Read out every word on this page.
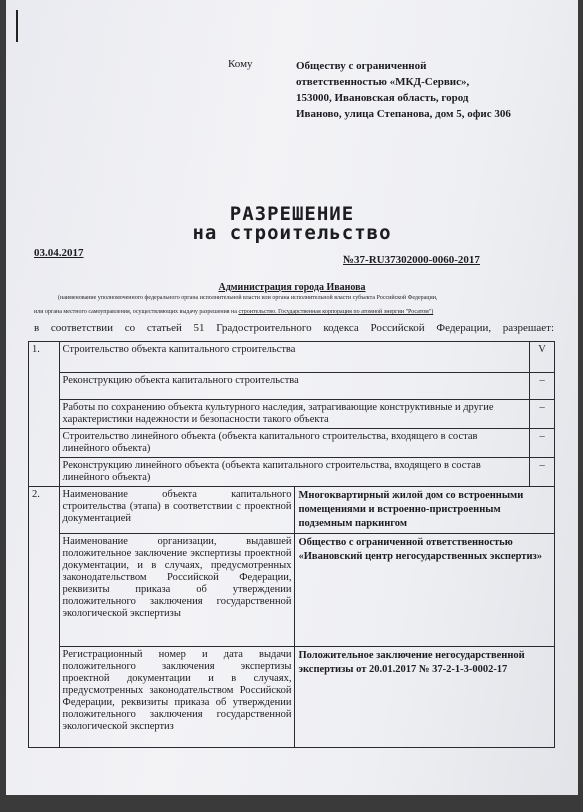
Кому	Обществу с ограниченной
ответственностью «МКД-Сервис»,
153000, Ивановская область, город
Иваново, улица Степанова, дом 5, офис 306
РАЗРЕШЕНИЕ
на строительство
03.04.2017
№37-RU37302000-0060-2017
Администрация города Иванова
(наименование уполномоченного федерального органа исполнительной власти или органа исполнительной власти субъекта Российской Федерации,
или органа местного самоуправления, осуществляющих выдачу разрешения на строительство. Государственная корпорация по атомной энергии "Росатом")
в соответствии со статьей 51 Градостроительного кодекса Российской Федерации, разрешает:
1.	Строительство объекта капитального строительства		V
	Реконструкцию объекта капитального строительства		–
	Работы по сохранению объекта культурного наследия, затрагивающие конструктивные и другие характеристики надежности и безопасности такого объекта		–
	Строительство линейного объекта (объекта капитального строительства, входящего в состав линейного объекта)		–
	Реконструкцию линейного объекта (объекта капитального строительства, входящего в состав линейного объекта)		–
2.	Наименование объекта капитального строительства (этапа) в соответствии с проектной документацией	Многоквартирный жилой дом со встроенными помещениями и встроенно-пристроенным подземным паркингом	
	Наименование организации, выдавшей положительное заключение экспертизы проектной документации, и в случаях, предусмотренных законодательством Российской Федерации, реквизиты приказа об утверждении положительного заключения государственной экологической экспертизы	Общество с ограниченной ответственностью «Ивановский центр негосударственных экспертиз»	
	Регистрационный номер и дата выдачи положительного заключения экспертизы проектной документации и в случаях, предусмотренных законодательством Российской Федерации, реквизиты приказа об утверждении положительного заключения государственной экологической экспертиз	Положительное заключение негосударственной экспертизы от 20.01.2017 № 37-2-1-3-0002-17	
